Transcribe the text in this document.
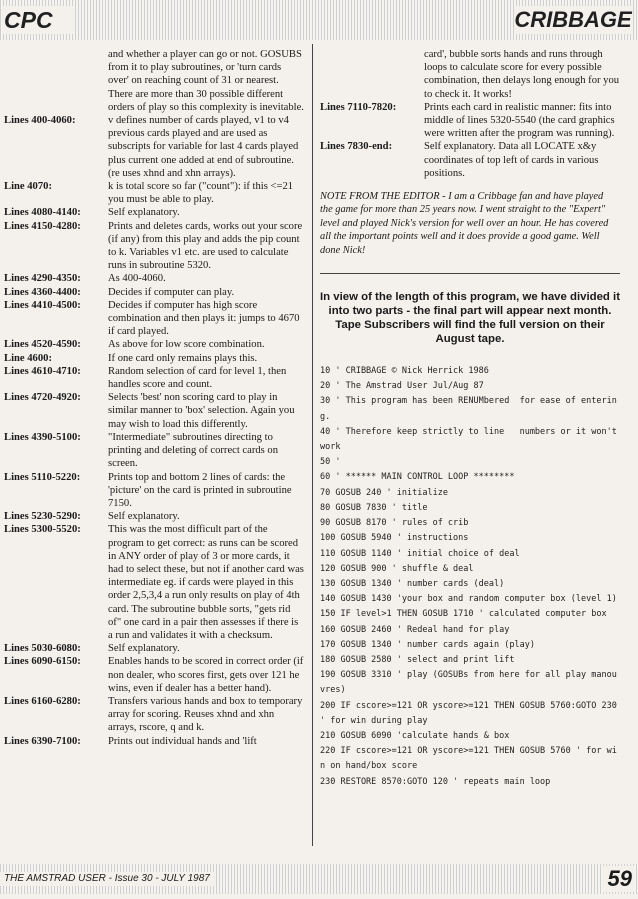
CPC	CRIBBAGE
and whether a player can go or not. GOSUBS from it to play subroutines, or 'turn cards over' on reaching count of 31 or nearest. There are more than 30 possible different orders of play so this complexity is inevitable.
Lines 400-4060:	v defines number of cards played, v1 to v4 previous cards played and are used as subscripts for variable for last 4 cards played plus current one added at end of subroutine. (re uses xhnd and xhn arrays).
Line 4070:	k is total score so far ("count"): if this <=21 you must be able to play.
Lines 4080-4140:	Self explanatory.
Lines 4150-4280:	Prints and deletes cards, works out your score (if any) from this play and adds the pip count to k. Variables v1 etc. are used to calculate runs in subroutine 5320.
Lines 4290-4350:	As 400-4060.
Lines 4360-4400:	Decides if computer can play.
Lines 4410-4500:	Decides if computer has high score combination and then plays it: jumps to 4670 if card played.
Lines 4520-4590:	As above for low score combination.
Line 4600:	If one card only remains plays this.
Lines 4610-4710:	Random selection of card for level 1, then handles score and count.
Lines 4720-4920:	Selects 'best' non scoring card to play in similar manner to 'box' selection. Again you may wish to load this differently.
Lines 4390-5100:	"Intermediate" subroutines directing to printing and deleting of correct cards on screen.
Lines 5110-5220:	Prints top and bottom 2 lines of cards: the 'picture' on the card is printed in subroutine 7150.
Lines 5230-5290:	Self explanatory.
Lines 5300-5520:	This was the most difficult part of the program to get correct: as runs can be scored in ANY order of play of 3 or more cards, it had to select these, but not if another card was intermediate eg. if cards were played in this order 2,5,3,4 a run only results on play of 4th card. The subroutine bubble sorts, "gets rid of" one card in a pair then assesses if there is a run and validates it with a checksum.
Lines 5030-6080:	Self explanatory.
Lines 6090-6150:	Enables hands to be scored in correct order (if non dealer, who scores first, gets over 121 he wins, even if dealer has a better hand).
Lines 6160-6280:	Transfers various hands and box to temporary array for scoring. Reuses xhnd and xhn arrays, rscore, q and k.
Lines 6390-7100:	Prints out individual hands and 'lift
card', bubble sorts hands and runs through loops to calculate score for every possible combination, then delays long enough for you to check it. It works!
Lines 7110-7820:	Prints each card in realistic manner: fits into middle of lines 5320-5540 (the card graphics were written after the program was running).
Lines 7830-end:	Self explanatory. Data all LOCATE x&y coordinates of top left of cards in various positions.
NOTE FROM THE EDITOR - I am a Cribbage fan and have played the game for more than 25 years now. I went straight to the "Expert" level and played Nick's version for well over an hour. He has covered all the important points well and it does provide a good game. Well done Nick!
In view of the length of this program, we have divided it into two parts - the final part will appear next month. Tape Subscribers will find the full version on their August tape.
10 ' CRIBBAGE © Nick Herrick 1986
20 ' The Amstrad User Jul/Aug 87
30 ' This program has been RENUMbered  for ease of entering.
40 ' Therefore keep strictly to line   numbers or it won't work
50 '
60 ' ****** MAIN CONTROL LOOP ********
70 GOSUB 240 ' initialize
80 GOSUB 7830 ' title
90 GOSUB 8170 ' rules of crib
100 GOSUB 5940 ' instructions
110 GOSUB 1140 ' initial choice of deal
120 GOSUB 900 ' shuffle & deal
130 GOSUB 1340 ' number cards (deal)
140 GOSUB 1430 'your box and random computer box (level 1)
150 IF level>1 THEN GOSUB 1710 ' calculated computer box
160 GOSUB 2460 ' Redeal hand for play
170 GOSUB 1340 ' number cards again (play)
180 GOSUB 2580 ' select and print lift
190 GOSUB 3310 ' play (GOSUBs from here for all play manouvres)
200 IF cscore>=121 OR yscore>=121 THEN GOSUB 5760:GOTO 230 ' for win during play
210 GOSUB 6090 'calculate hands & box
220 IF cscore>=121 OR yscore>=121 THEN GOSUB 5760 ' for win on hand/box score
230 RESTORE 8570:GOTO 120 ' repeats main loop
THE AMSTRAD USER - Issue 30 - JULY 1987	59
